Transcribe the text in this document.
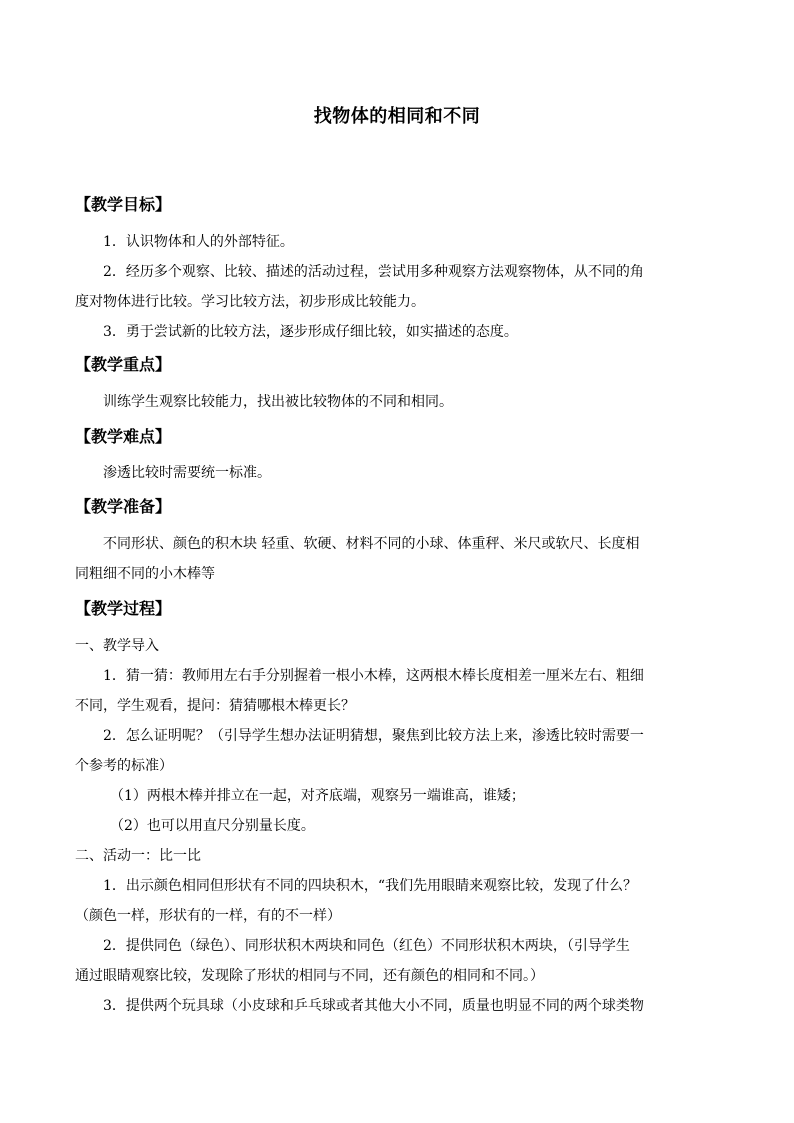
找物体的相同和不同
【教学目标】
1．认识物体和人的外部特征。
2．经历多个观察、比较、描述的活动过程，尝试用多种观察方法观察物体，从不同的角
度对物体进行比较。学习比较方法，初步形成比较能力。
3．勇于尝试新的比较方法，逐步形成仔细比较，如实描述的态度。
【教学重点】
训练学生观察比较能力，找出被比较物体的不同和相同。
【教学难点】
渗透比较时需要统一标准。
【教学准备】
不同形状、颜色的积木块 轻重、软硬、材料不同的小球、体重秤、米尺或软尺、长度相
同粗细不同的小木棒等
【教学过程】
一、教学导入
1．猜一猜：教师用左右手分别握着一根小木棒，这两根木棒长度相差一厘米左右、粗细
不同，学生观看，提问：猜猜哪根木棒更长？
2．怎么证明呢？（引导学生想办法证明猜想，聚焦到比较方法上来，渗透比较时需要一
个参考的标准）
（1）两根木棒并排立在一起，对齐底端，观察另一端谁高，谁矮；
（2）也可以用直尺分别量长度。
二、活动一：比一比
1．出示颜色相同但形状有不同的四块积木，“我们先用眼睛来观察比较，发现了什么？
（颜色一样，形状有的一样，有的不一样）
2．提供同色（绿色）、同形状积木两块和同色（红色）不同形状积木两块，（引导学生
通过眼睛观察比较，发现除了形状的相同与不同，还有颜色的相同和不同。）
3．提供两个玩具球（小皮球和乒乓球或者其他大小不同，质量也明显不同的两个球类物
